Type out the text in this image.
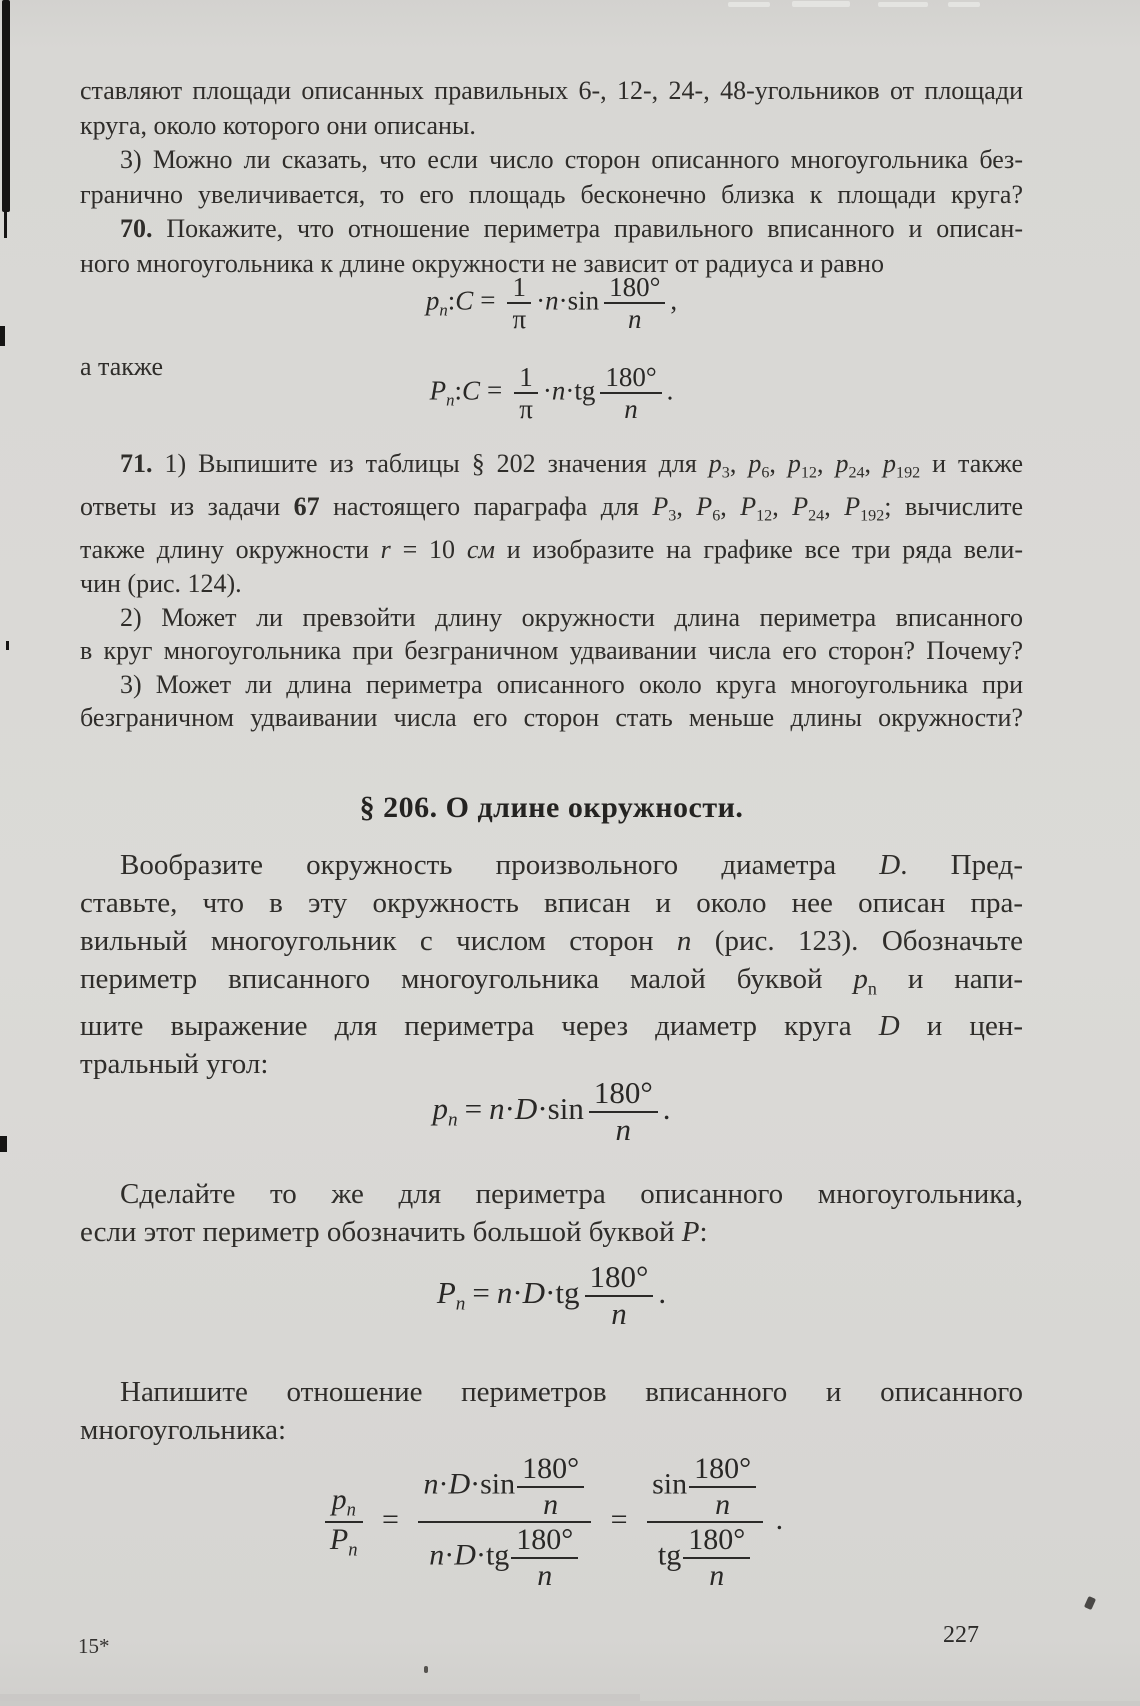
ставляют площади описанных правильных 6-, 12-, 24-, 48-угольников от площади
круга, около которого они описаны.
3) Можно ли сказать, что если число сторон описанного многоугольника без-
гранично увеличивается, то его площадь бесконечно близка к площади круга?
70. Покажите, что отношение периметра правильного вписанного и описан-
ного многоугольника к длине окружности не зависит от радиуса и равно
$p_n:C = \frac{1}{\pi} \cdot n\cdot\sin \frac{180^\circ}{n}$ ,
а также
$P_n:C = \frac{1}{\pi} \cdot n\cdot tg \frac{180^\circ}{n}$ .
71. 1) Выпишите из таблицы § 202 значения для $p_3$, $p_6$, $p_{12}$, $p_{24}$, $p_{192}$ и также
ответы из задачи 67 настоящего параграфа для $P_3$, $P_6$, $P_{12}$, $P_{24}$, $P_{192}$; вычислите
также длину окружности r = 10 см и изобразите на графике все три ряда вели-
чин (рис. 124).
2) Может ли превзойти длину окружности длина периметра вписанного
в круг многоугольника при безграничном удваивании числа его сторон? Почему?
3) Может ли длина периметра описанного около круга многоугольника при
безграничном удваивании числа его сторон стать меньше длины окружности?
§ 206. О длине окружности.
Вообразите окружность произвольного диаметра D. Пред-
ставьте, что в эту окружность вписан и около нее описан пра-
вильный многоугольник с числом сторон n (рис. 123). Обозначьте
периметр вписанного многоугольника малой буквой $p_n$ и напи-
шите выражение для периметра через диаметр круга D и цен-
тральный угол:
$p_n = n\cdot D\cdot\sin \frac{180^\circ}{n}$ .
Сделайте то же для периметра описанного многоугольника,
если этот периметр обозначить большой буквой P:
$P_n = n\cdot D\cdot tg \frac{180^\circ}{n}$ .
Напишите отношение периметров вписанного и описанного
многоугольника:
$\frac{p_n}{P_n} = \frac{n\cdot D\cdot\sin \frac{180^\circ}{n}}{n\cdot D\cdot tg \frac{180^\circ}{n}} = \frac{\sin \frac{180^\circ}{n}}{tg \frac{180^\circ}{n}}$ .
15*	227
